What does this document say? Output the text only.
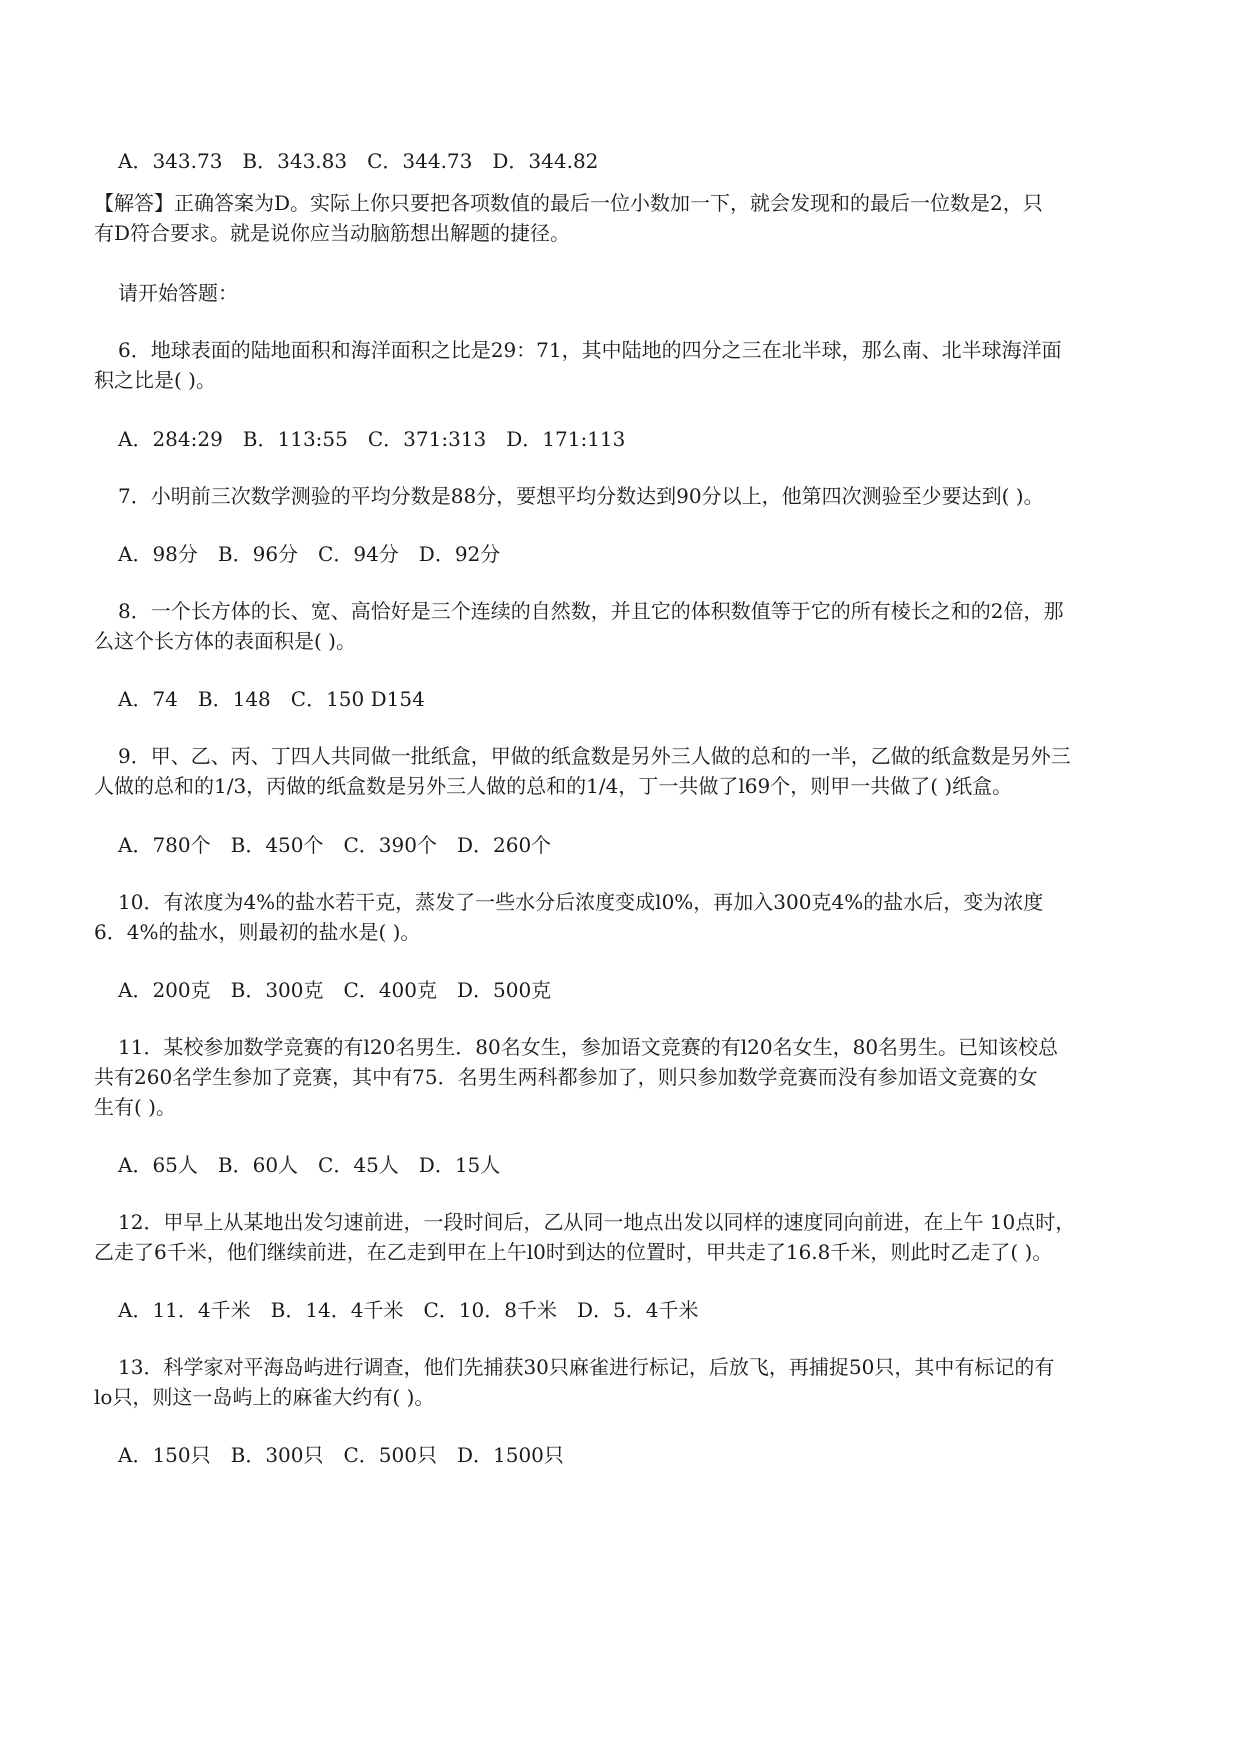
A．343.73　B．343.83　C．344.73　D．344.82
【解答】正确答案为D。实际上你只要把各项数值的最后一位小数加一下，就会发现和的最后一位数是2，只
有D符合要求。就是说你应当动脑筋想出解题的捷径。
请开始答题：
6．地球表面的陆地面积和海洋面积之比是29：71，其中陆地的四分之三在北半球，那么南、北半球海洋面
积之比是( )。
A．284:29　B．113:55　C．371:313　D．171:113
7．小明前三次数学测验的平均分数是88分，要想平均分数达到90分以上，他第四次测验至少要达到( )。
A．98分　B．96分　C．94分　D．92分
8．一个长方体的长、宽、高恰好是三个连续的自然数，并且它的体积数值等于它的所有棱长之和的2倍，那
么这个长方体的表面积是( )。
A．74　B．148　C．150 D154
9．甲、乙、丙、丁四人共同做一批纸盒，甲做的纸盒数是另外三人做的总和的一半，乙做的纸盒数是另外三
人做的总和的1/3，丙做的纸盒数是另外三人做的总和的1/4，丁一共做了l69个，则甲一共做了( )纸盒。
A．780个　B．450个　C．390个　D．260个
10．有浓度为4%的盐水若干克，蒸发了一些水分后浓度变成l0%，再加入300克4%的盐水后，变为浓度
6．4%的盐水，则最初的盐水是( )。
A．200克　B．300克　C．400克　D．500克
11．某校参加数学竞赛的有l20名男生．80名女生，参加语文竞赛的有l20名女生，80名男生。已知该校总
共有260名学生参加了竞赛，其中有75．名男生两科都参加了，则只参加数学竞赛而没有参加语文竞赛的女
生有( )。
A．65人　B．60人　C．45人　D．15人
12．甲早上从某地出发匀速前进，一段时间后，乙从同一地点出发以同样的速度同向前进，在上午 10点时，
乙走了6千米，他们继续前进，在乙走到甲在上午l0时到达的位置时，甲共走了16.8千米，则此时乙走了( )。
A．11．4千米　B．14．4千米　C．10．8千米　D．5．4千米
13．科学家对平海岛屿进行调查，他们先捕获30只麻雀进行标记，后放飞，再捕捉50只，其中有标记的有
lo只，则这一岛屿上的麻雀大约有( )。
A．150只　B．300只　C．500只　D．1500只
